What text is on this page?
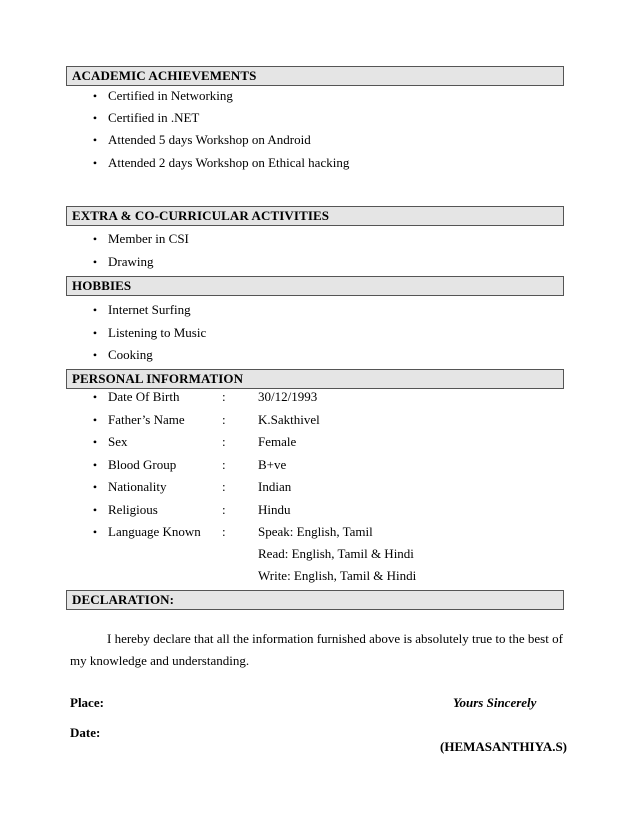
ACADEMIC ACHIEVEMENTS
• Certified in Networking
• Certified in .NET
• Attended 5 days Workshop on Android
• Attended 2 days Workshop on Ethical hacking
EXTRA & CO-CURRICULAR ACTIVITIES
• Member in CSI
• Drawing
HOBBIES
• Internet Surfing
• Listening to Music
• Cooking
PERSONAL INFORMATION
• Date Of Birth	: 30/12/1993
• Father’s Name	: K.Sakthivel
• Sex	: Female
• Blood Group	: B+ve
• Nationality	: Indian
• Religious	: Hindu
• Language Known : Speak: English, Tamil
Read: English, Tamil & Hindi
Write: English, Tamil & Hindi
DECLARATION:
I hereby declare that all the information furnished above is absolutely true to the best of
my knowledge and understanding.
Place:	Yours Sincerely
Date:
(HEMASANTHIYA.S)
